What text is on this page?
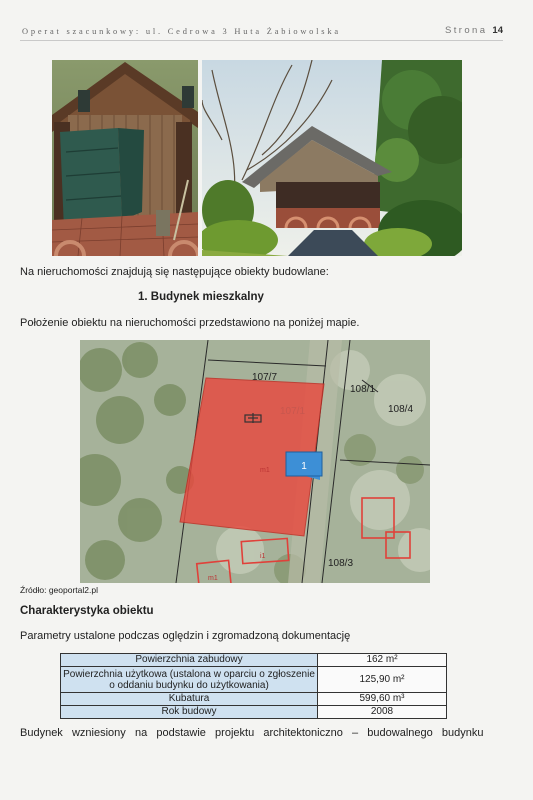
Operat szacunkowy: ul. Cedrowa 3 Huta Żabiowolska	Strona 14
Na nieruchomości znajdują się następujące obiekty budowlane:
1. Budynek mieszkalny
Położenie obiektu na nieruchomości przedstawiono na poniżej mapie.
1
107/7
107/1
108/1
108/4
108/3
m1
i1
m1
Źródło: geoportal2.pl
Charakterystyka obiektu
Parametry ustalone podczas oględzin i zgromadzoną dokumentację
Powierzchnia zabudowy	162 m²
Powierzchnia użytkowa (ustalona w oparciu o zgłoszenie o oddaniu budynku do użytkowania)	125,90 m²
Kubatura	599,60 m³
Rok budowy	2008
Budynek   wzniesiony   na   podstawie   projektu   architektoniczno   –   budowalnego   budynku
